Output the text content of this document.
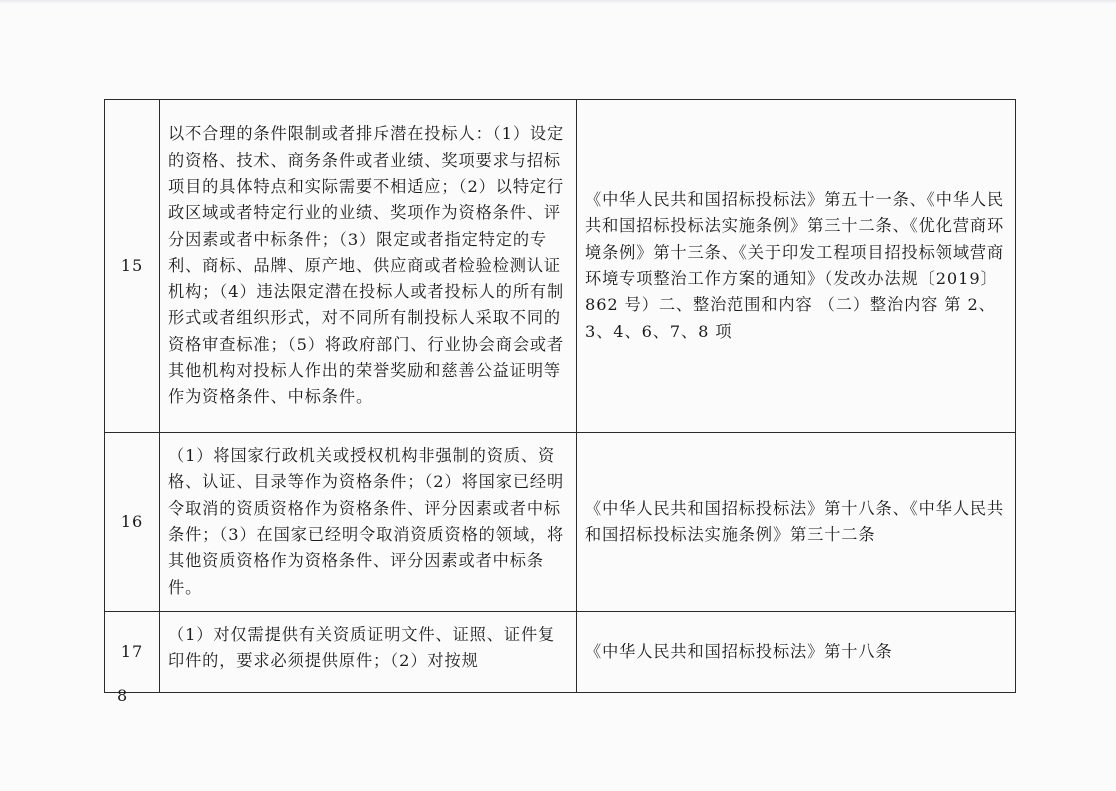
15	以不合理的条件限制或者排斥潜在投标人：（1）设定的资格、技术、商务条件或者业绩、奖项要求与招标项目的具体特点和实际需要不相适应；（2）以特定行政区域或者特定行业的业绩、奖项作为资格条件、评分因素或者中标条件；（3）限定或者指定特定的专利、商标、品牌、原产地、供应商或者检验检测认证机构；（4）违法限定潜在投标人或者投标人的所有制形式或者组织形式，对不同所有制投标人采取不同的资格审查标准；（5）将政府部门、行业协会商会或者其他机构对投标人作出的荣誉奖励和慈善公益证明等作为资格条件、中标条件。	《中华人民共和国招标投标法》第五十一条、《中华人民共和国招标投标法实施条例》第三十二条、《优化营商环境条例》第十三条、《关于印发工程项目招投标领域营商环境专项整治工作方案的通知》（发改办法规〔2019〕862 号）二、整治范围和内容 （二）整治内容 第 2、3、4、6、7、8 项
16	（1）将国家行政机关或授权机构非强制的资质、资格、认证、目录等作为资格条件；（2）将国家已经明令取消的资质资格作为资格条件、评分因素或者中标条件；（3）在国家已经明令取消资质资格的领域，将其他资质资格作为资格条件、评分因素或者中标条件。	《中华人民共和国招标投标法》第十八条、《中华人民共和国招标投标法实施条例》第三十二条
17	（1）对仅需提供有关资质证明文件、证照、证件复印件的，要求必须提供原件；（2）对按规	《中华人民共和国招标投标法》第十八条
8
